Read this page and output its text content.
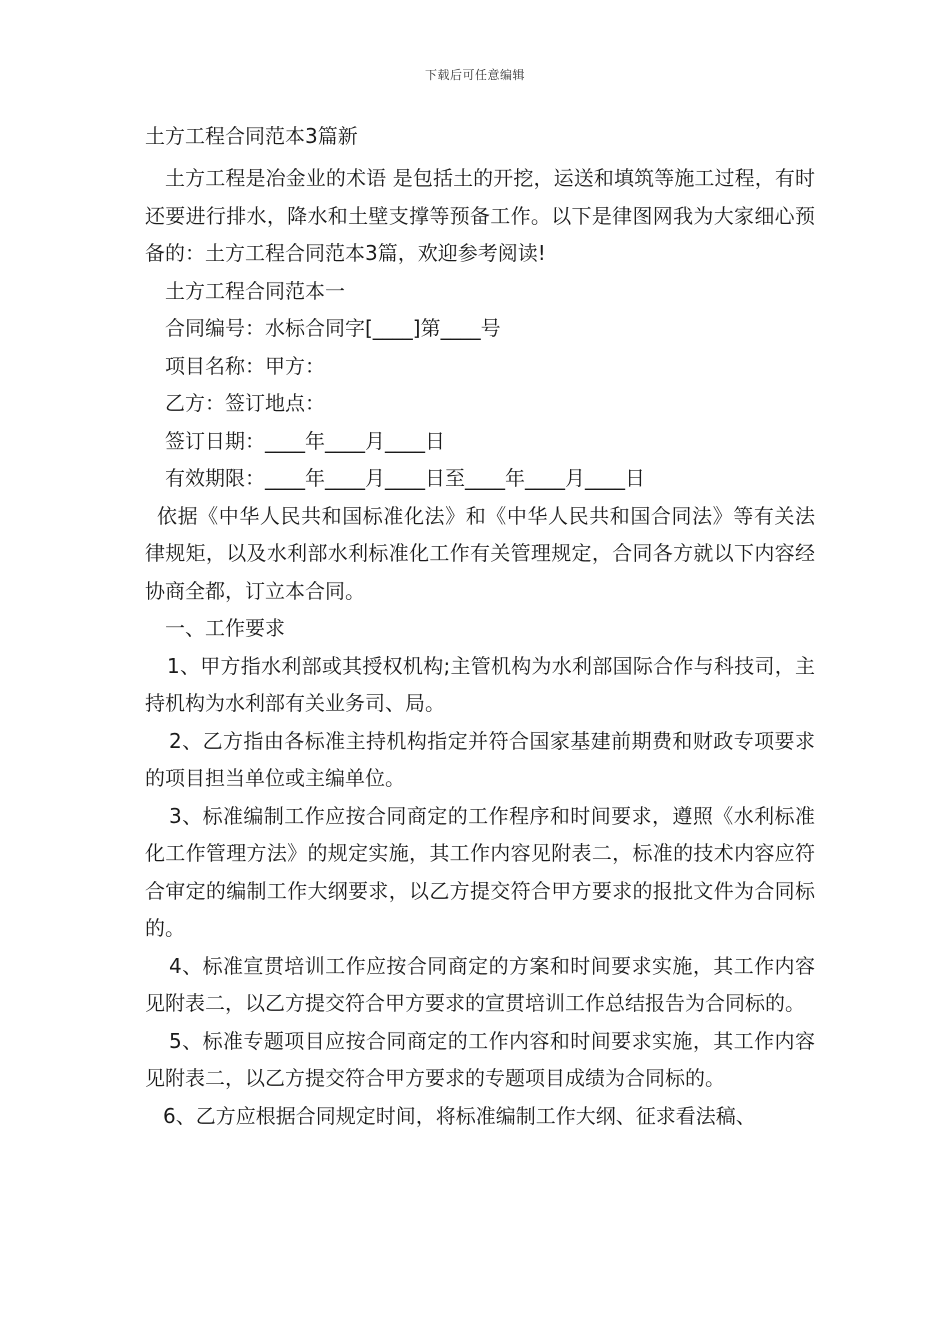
下载后可任意编辑
土方工程合同范本3篇新

土方工程是冶金业的术语 是包括土的开挖，运送和填筑等施工过程，有时还要进行排水，降水和土壁支撑等预备工作。以下是律图网我为大家细心预备的：土方工程合同范本3篇，欢迎参考阅读!

土方工程合同范本一

合同编号：水标合同字[____]第____号

项目名称：甲方：

乙方：签订地点：

签订日期：____年____月____日

有效期限：____年____月____日至____年____月____日

依据《中华人民共和国标准化法》和《中华人民共和国合同法》等有关法律规矩，以及水利部水利标准化工作有关管理规定，合同各方就以下内容经协商全都，订立本合同。

一、工作要求

1、甲方指水利部或其授权机构;主管机构为水利部国际合作与科技司，主持机构为水利部有关业务司、局。

2、乙方指由各标准主持机构指定并符合国家基建前期费和财政专项要求的项目担当单位或主编单位。

3、标准编制工作应按合同商定的工作程序和时间要求，遵照《水利标准化工作管理方法》的规定实施，其工作内容见附表二，标准的技术内容应符合审定的编制工作大纲要求，以乙方提交符合甲方要求的报批文件为合同标的。

4、标准宣贯培训工作应按合同商定的方案和时间要求实施，其工作内容见附表二，以乙方提交符合甲方要求的宣贯培训工作总结报告为合同标的。

5、标准专题项目应按合同商定的工作内容和时间要求实施，其工作内容见附表二，以乙方提交符合甲方要求的专题项目成绩为合同标的。

6、乙方应根据合同规定时间，将标准编制工作大纲、征求看法稿、
